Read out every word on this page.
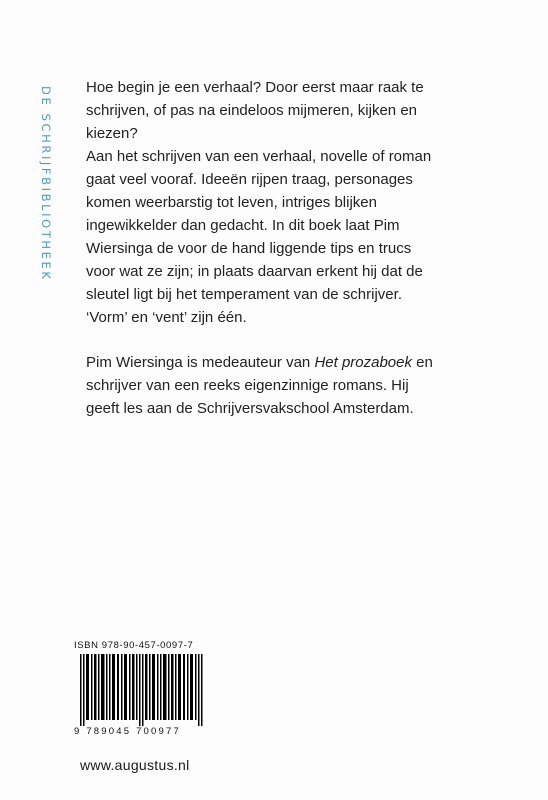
DE SCHRIJFBIBLIOTHEEK Hoe begin je een verhaal? Door eerst maar raak te schrijven, of pas na eindeloos mijmeren, kijken en kiezen?

Aan het schrijven van een verhaal, novelle of roman gaat veel vooraf. Ideeën rijpen traag, personages komen weerbarstig tot leven, intriges blijken ingewikkelder dan gedacht. In dit boek laat Pim Wiersinga de voor de hand liggende tips en trucs voor wat ze zijn; in plaats daarvan erkent hij dat de sleutel ligt bij het temperament van de schrijver. ‘Vorm’ en ‘vent’ zijn één.

Pim Wiersinga is medeauteur van Het prozaboek en schrijver van een reeks eigenzinnige romans. Hij geeft les aan de Schrijversvakschool Amsterdam.

ISBN 978-90-457-0097-7
9 789045 700977
www.augustus.nl
